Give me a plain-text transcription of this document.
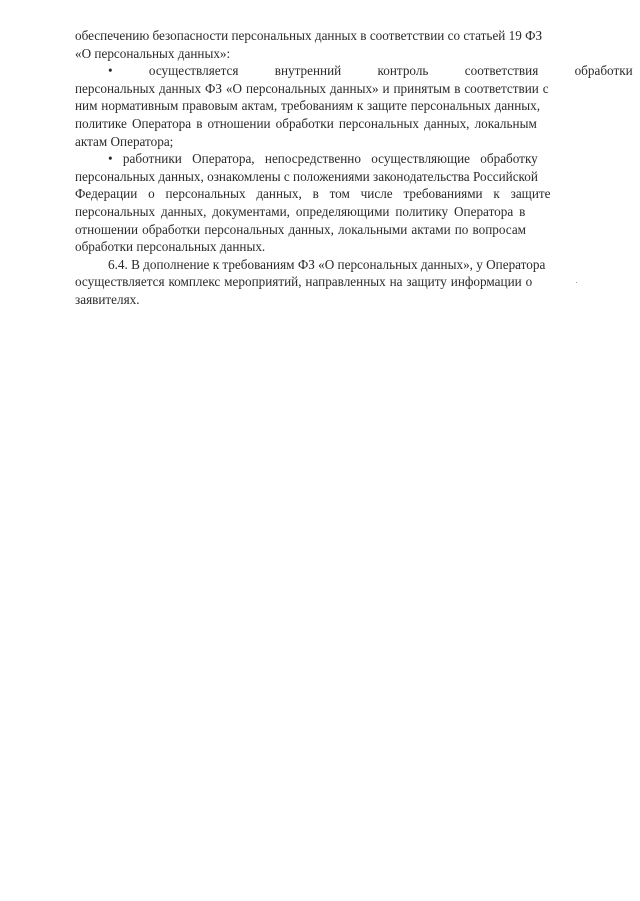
обеспечению безопасности персональных данных в соответствии со статьей 19 ФЗ
«О персональных данных»:
• осуществляется внутренний контроль соответствия обработки
персональных данных ФЗ «О персональных данных» и принятым в соответствии с
ним нормативным правовым актам, требованиям к защите персональных данных,
политике Оператора в отношении обработки персональных данных, локальным
актам Оператора;
• работники Оператора, непосредственно осуществляющие обработку
персональных данных, ознакомлены с положениями законодательства Российской
Федерации о персональных данных, в том числе требованиями к защите
персональных данных, документами, определяющими политику Оператора в
отношении обработки персональных данных, локальными актами по вопросам
обработки персональных данных.
6.4. В дополнение к требованиям ФЗ «О персональных данных», у Оператора
осуществляется комплекс мероприятий, направленных на защиту информации о
заявителях.
